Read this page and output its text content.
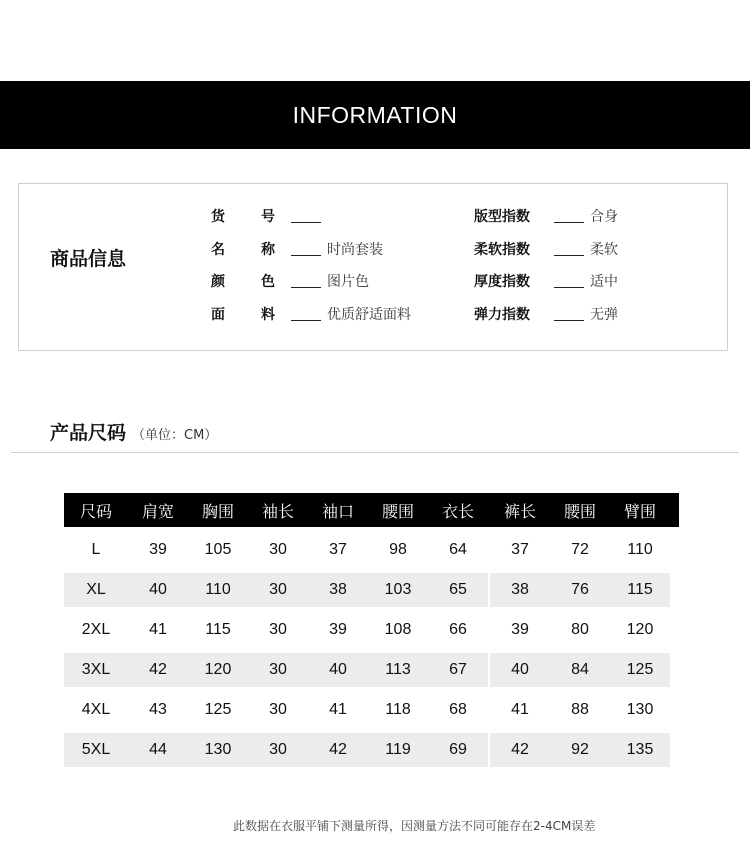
INFORMATION
商品信息
货	号
名	称	时尚套装
颜	色	图片色
面	料	优质舒适面料
版型指数	合身
柔软指数	柔软
厚度指数	适中
弹力指数	无弹
产品尺码 （单位：CM）
尺码	肩宽	胸围	袖长	袖口	腰围	衣长	裤长	腰围	臂围
L	39	105	30	37	98	64	37	72	110
XL	40	110	30	38	103	65	38	76	115
2XL	41	115	30	39	108	66	39	80	120
3XL	42	120	30	40	113	67	40	84	125
4XL	43	125	30	41	118	68	41	88	130
5XL	44	130	30	42	119	69	42	92	135
此数据在衣服平铺下测量所得，因测量方法不同可能存在2-4CM误差
